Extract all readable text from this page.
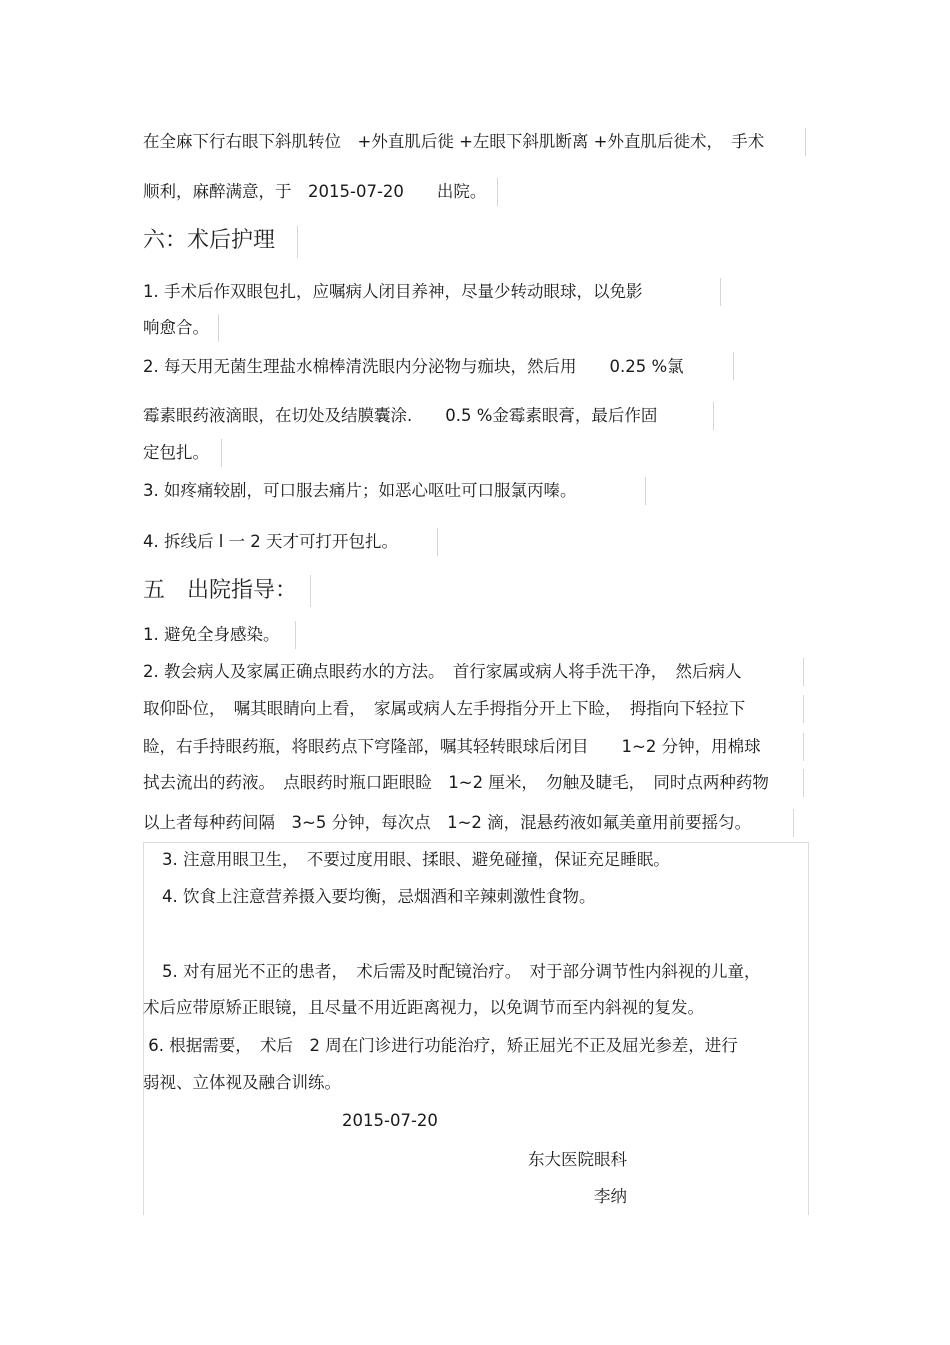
在全麻下行右眼下斜肌转位　+外直肌后徙 +左眼下斜肌断离 +外直肌后徙术，　手术
顺利，麻醉满意，于　2015-07-20　　出院。
六：术后护理
1. 手术后作双眼包扎，应嘱病人闭目养神，尽量少转动眼球，以免影
响愈合。
2. 每天用无菌生理盐水棉棒清洗眼内分泌物与痂块，然后用　　0.25 %氯
霉素眼药液滴眼，在切处及结膜囊涂.　　0.5 %金霉素眼膏，最后作固
定包扎。
3. 如疼痛较剧，可口服去痛片；如恶心呕吐可口服氯丙嗪。
4. 拆线后 l 一 2 天才可打开包扎。
五　出院指导：
1. 避免全身感染。
2. 教会病人及家属正确点眼药水的方法。　首行家属或病人将手洗干净，　然后病人
取仰卧位，　嘱其眼睛向上看，　家属或病人左手拇指分开上下睑，　拇指向下轻拉下
睑，右手持眼药瓶，将眼药点下穹隆部，嘱其轻转眼球后闭目　　1~2 分钟，用棉球
拭去流出的药液。　点眼药时瓶口距眼睑　1~2 厘米，　勿触及睫毛，　同时点两种药物
以上者每种药间隔　3~5 分钟，每次点　1~2 滴，混悬药液如氟美童用前要摇匀。
3. 注意用眼卫生，　不要过度用眼、揉眼、避免碰撞，保证充足睡眠。
4. 饮食上注意营养摄入要均衡，忌烟酒和辛辣刺激性食物。
5. 对有屈光不正的患者，　术后需及时配镜治疗。　对于部分调节性内斜视的儿童，
术后应带原矫正眼镜，且尽量不用近距离视力，以免调节而至内斜视的复发。
6. 根据需要，　术后　2 周在门诊进行功能治疗，矫正屈光不正及屈光参差，进行
弱视、立体视及融合训练。
2015-07-20
东大医院眼科
李纳
